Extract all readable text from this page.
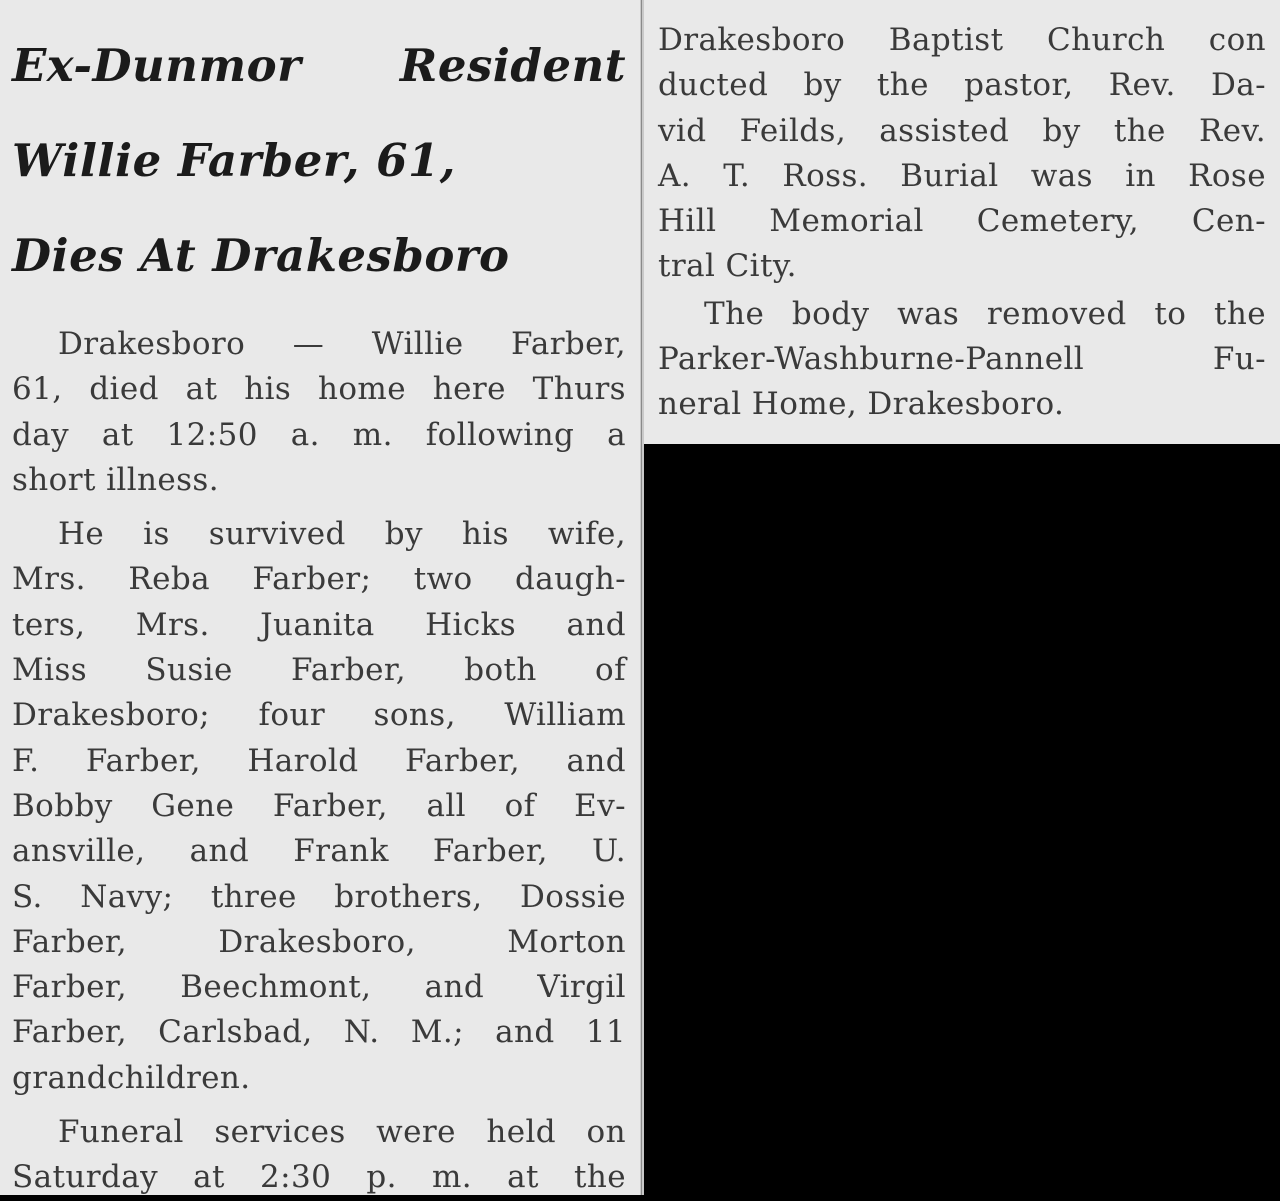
Ex-Dunmor Resident
Willie Farber, 61,
Dies At Drakesboro

Drakesboro — Willie Farber,
61, died at his home here Thurs
day at 12:50 a. m. following a
short illness.

He is survived by his wife,
Mrs. Reba Farber; two daugh-
ters, Mrs. Juanita Hicks and
Miss Susie Farber, both of
Drakesboro; four sons, William
F. Farber, Harold Farber, and
Bobby Gene Farber, all of Ev-
ansville, and Frank Farber, U.
S. Navy; three brothers, Dossie
Farber, Drakesboro, Morton
Farber, Beechmont, and Virgil
Farber, Carlsbad, N. M.; and 11
grandchildren.

Funeral services were held on
Saturday at 2:30 p. m. at the

Drakesboro Baptist Church con
ducted by the pastor, Rev. Da-
vid Feilds, assisted by the Rev.
A. T. Ross. Burial was in Rose
Hill Memorial Cemetery, Cen-
tral City.

The body was removed to the
Parker-Washburne-Pannell Fu-
neral Home, Drakesboro.
